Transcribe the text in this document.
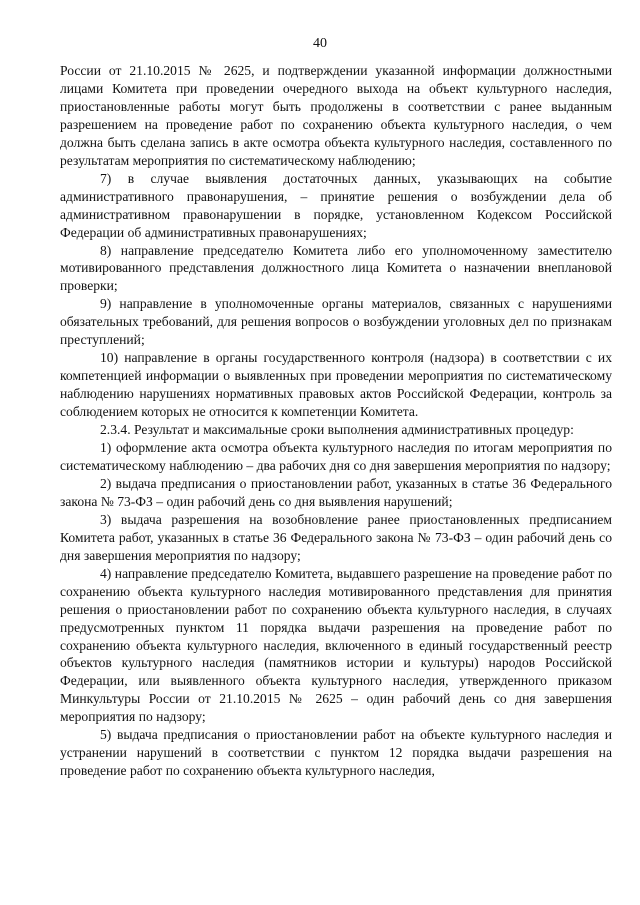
40

России от 21.10.2015 № 2625, и подтверждении указанной информации должностными лицами Комитета при проведении очередного выхода на объект культурного наследия, приостановленные работы могут быть продолжены в соответствии с ранее выданным разрешением на проведение работ по сохранению объекта культурного наследия, о чем должна быть сделана запись в акте осмотра объекта культурного наследия, составленного по результатам мероприятия по систематическому наблюдению;

7) в случае выявления достаточных данных, указывающих на событие административного правонарушения, – принятие решения о возбуждении дела об административном правонарушении в порядке, установленном Кодексом Российской Федерации об административных правонарушениях;

8) направление председателю Комитета либо его уполномоченному заместителю мотивированного представления должностного лица Комитета о назначении внеплановой проверки;

9) направление в уполномоченные органы материалов, связанных с нарушениями обязательных требований, для решения вопросов о возбуждении уголовных дел по признакам преступлений;

10) направление в органы государственного контроля (надзора) в соответствии с их компетенцией информации о выявленных при проведении мероприятия по систематическому наблюдению нарушениях нормативных правовых актов Российской Федерации, контроль за соблюдением которых не относится к компетенции Комитета.

2.3.4. Результат и максимальные сроки выполнения административных процедур:

1) оформление акта осмотра объекта культурного наследия по итогам мероприятия по систематическому наблюдению – два рабочих дня со дня завершения мероприятия по надзору;

2) выдача предписания о приостановлении работ, указанных в статье 36 Федерального закона № 73-ФЗ – один рабочий день со дня выявления нарушений;

3) выдача разрешения на возобновление ранее приостановленных предписанием Комитета работ, указанных в статье 36 Федерального закона № 73-ФЗ – один рабочий день со дня завершения мероприятия по надзору;

4) направление председателю Комитета, выдавшего разрешение на проведение работ по сохранению объекта культурного наследия мотивированного представления для принятия решения о приостановлении работ по сохранению объекта культурного наследия, в случаях предусмотренных пунктом 11 порядка выдачи разрешения на проведение работ по сохранению объекта культурного наследия, включенного в единый государственный реестр объектов культурного наследия (памятников истории и культуры) народов Российской Федерации, или выявленного объекта культурного наследия, утвержденного приказом Минкультуры России от 21.10.2015 № 2625 – один рабочий день со дня завершения мероприятия по надзору;

5) выдача предписания о приостановлении работ на объекте культурного наследия и устранении нарушений в соответствии с пунктом 12 порядка выдачи разрешения на проведение работ по сохранению объекта культурного наследия,
